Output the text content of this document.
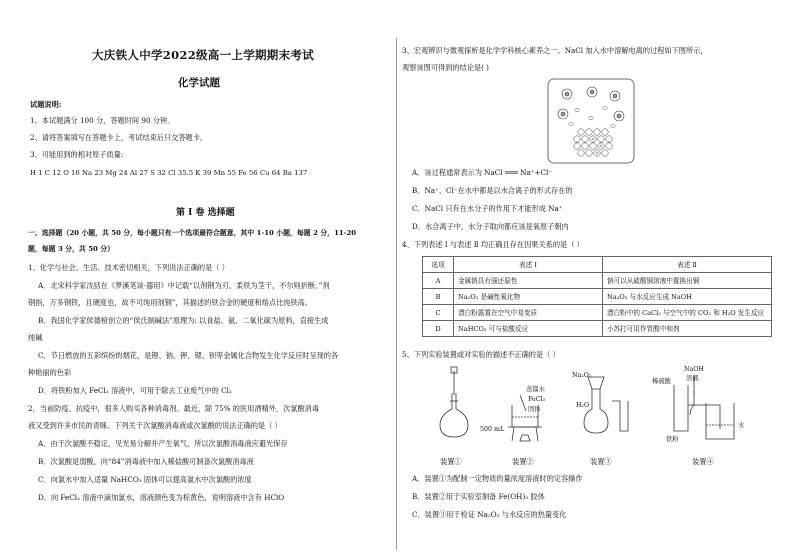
大庆铁人中学2022级高一上学期期末考试
化学试题
试题说明:
1、本试题满分 100 分，答题时间 90 分钟。
2、请将答案填写在答题卡上，考试结束后只交答题卡。
3、可能用到的相对原子质量:
H 1 C 12 O 16 Na 23 Mg 24 Al 27 S 32 Cl 35.5 K 39 Mn 55 Fe 56 Cu 64 Ba 137
第 Ⅰ 卷 选择题
一、选择题（20 小题，共 50 分，每小题只有一个选项最符合题意，其中 1-10 小题，每题 2 分，11-20
题，每题 3 分，共 50 分）
1、化学与社会、生活、技术密切相关，下列说法正确的是（ ）
A．北宋科学家沈括在《梦溪笔谈·器用》中记载“以剂钢为刃，柔铁为茎干，不尔则折断。”剂
钢指，万多钢铁，且硬度也，故不可纯用剂钢”，其描述的铁合金的硬度和熔点比纯铁高。
B．我国化学家侯德榜创立的“侯氏制碱法”原理为: 以食盐、氨、二氧化碳为原料，直接生成
纯碱
C．节日燃放的五彩缤纷的烟花，是锂、钠、钾、锶、钡等金属化合物发生化学反应时呈现的各
种艳丽的色彩
D．将铁粉加入 FeCl₂ 溶液中，可用于除去工业废气中的 Cl₂
2，当前防疫、抗疫中，很多人购买各种消毒剂。最近，除 75% 的医用酒精外，次氯酸消毒
液又受到许多市民的青睐。下列关于次氯酸消毒液或次氯酸的说法正确的是（ ）
A．由于次氯酸不稳定，见光易分解并产生氧气，所以次氯酸消毒液应避光保存
B．次氯酸是弱酸，向“84”消毒液中加入稀盐酸可制备次氯酸消毒液
C．向氯水中加入适量 NaHCO₃ 固体可以提高氯水中次氯酸的浓度
D．向 FeCl₂ 溶液中滴加氯水，溶液颜色变为棕黄色，说明溶液中含有 HClO
3、宏观辨识与微观探析是化学学科核心素养之一。NaCl 加入水中溶解电离的过程如下图所示，
观察该图可得到的结论是( )
A．该过程通常表示为 NaCl ═══ Na⁺+Cl⁻
B．Na⁺、Cl⁻在水中都是以水合离子的形式存在的
C．NaCl 只有在水分子的作用下才能形成 Na⁺
D．水合离子中，水分子取向都应该是氧原子朝内
4、下列表述 Ⅰ 与表述 Ⅱ 均正确且存在因果关系的是（ ）
选项	表述 Ⅰ	表述 Ⅱ
A	金属钠具有强还原性	钠可以从硫酸铜溶液中置换出铜
B	Na₂O₂ 是碱性氧化物	Na₂O₂ 与水反应生成 NaOH
C	漂白粉露置在空气中易变质	漂白粉中的 CaCl₂ 与空气中的 CO₂ 和 H₂O 发生反应
D	NaHCO₃ 可与盐酸反应	小苏打可用作胃酸中和剂
5、下列实验装置或对实验的描述不正确的是（ ）
500 mL
蒸馏水
FeCl₃
固体
Na₂O₂
H₂O
稀硫酸
NaOH
溶液
铁粉
水
装置①	装置②	装置③	装置④
A．装置①为配制一定物质的量浓度溶液时的定容操作
B．装置②用于实验室制备 Fe(OH)₃ 胶体
C．装置③用于检证 Na₂O₂ 与水反应的热量变化
